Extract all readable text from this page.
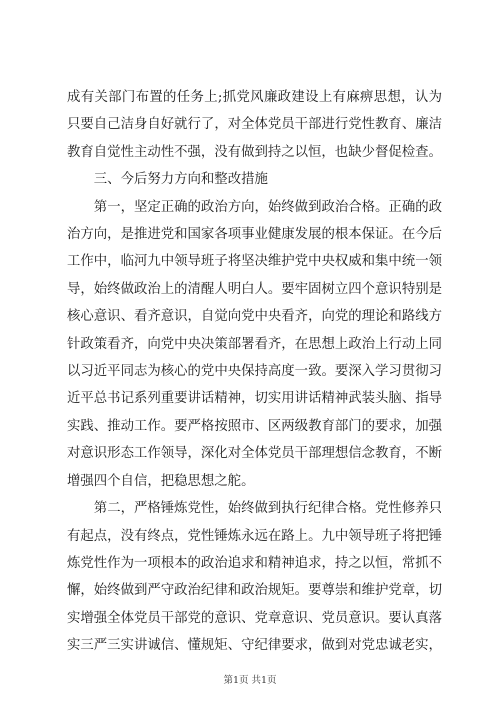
成有关部门布置的任务上;抓党风廉政建设上有麻痹思想，认为只要自己洁身自好就行了，对全体党员干部进行党性教育、廉洁教育自觉性主动性不强，没有做到持之以恒，也缺少督促检查。

三、今后努力方向和整改措施

第一，坚定正确的政治方向，始终做到政治合格。正确的政治方向，是推进党和国家各项事业健康发展的根本保证。在今后工作中，临河九中领导班子将坚决维护党中央权威和集中统一领导，始终做政治上的清醒人明白人。要牢固树立四个意识特别是核心意识、看齐意识，自觉向党中央看齐，向党的理论和路线方针政策看齐，向党中央决策部署看齐，在思想上政治上行动上同以习近平同志为核心的党中央保持高度一致。要深入学习贯彻习近平总书记系列重要讲话精神，切实用讲话精神武装头脑、指导实践、推动工作。要严格按照市、区两级教育部门的要求，加强对意识形态工作领导，深化对全体党员干部理想信念教育，不断增强四个自信，把稳思想之舵。

第二，严格锤炼党性，始终做到执行纪律合格。党性修养只有起点，没有终点，党性锤炼永远在路上。九中领导班子将把锤炼党性作为一项根本的政治追求和精神追求，持之以恒，常抓不懈，始终做到严守政治纪律和政治规矩。要尊崇和维护党章，切实增强全体党员干部党的意识、党章意识、党员意识。要认真落实三严三实讲诚信、懂规矩、守纪律要求，做到对党忠诚老实，

第1页 共1页
